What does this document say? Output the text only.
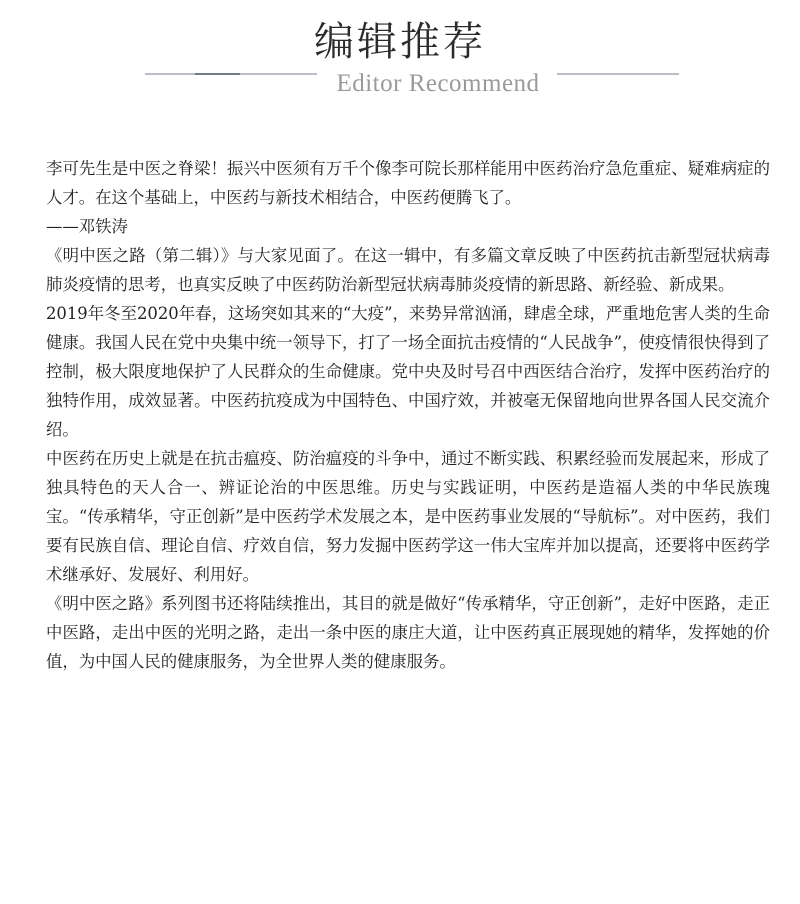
编辑推荐
Editor Recommend

李可先生是中医之脊梁！振兴中医须有万千个像李可院长那样能用中医药治疗急危重症、疑难病症的人才。在这个基础上，中医药与新技术相结合，中医药便腾飞了。

——邓铁涛

《明中医之路（第二辑）》与大家见面了。在这一辑中，有多篇文章反映了中医药抗击新型冠状病毒肺炎疫情的思考，也真实反映了中医药防治新型冠状病毒肺炎疫情的新思路、新经验、新成果。

2019年冬至2020年春，这场突如其来的“大疫”，来势异常汹涌，肆虐全球，严重地危害人类的生命健康。我国人民在党中央集中统一领导下，打了一场全面抗击疫情的“人民战争”，使疫情很快得到了控制，极大限度地保护了人民群众的生命健康。党中央及时号召中西医结合治疗，发挥中医药治疗的独特作用，成效显著。中医药抗疫成为中国特色、中国疗效，并被毫无保留地向世界各国人民交流介绍。

中医药在历史上就是在抗击瘟疫、防治瘟疫的斗争中，通过不断实践、积累经验而发展起来，形成了独具特色的天人合一、辨证论治的中医思维。历史与实践证明，中医药是造福人类的中华民族瑰宝。“传承精华，守正创新”是中医药学术发展之本，是中医药事业发展的“导航标”。对中医药，我们要有民族自信、理论自信、疗效自信，努力发掘中医药学这一伟大宝库并加以提高，还要将中医药学术继承好、发展好、利用好。

《明中医之路》系列图书还将陆续推出，其目的就是做好“传承精华，守正创新”，走好中医路，走正中医路，走出中医的光明之路，走出一条中医的康庄大道，让中医药真正展现她的精华，发挥她的价值，为中国人民的健康服务，为全世界人类的健康服务。
